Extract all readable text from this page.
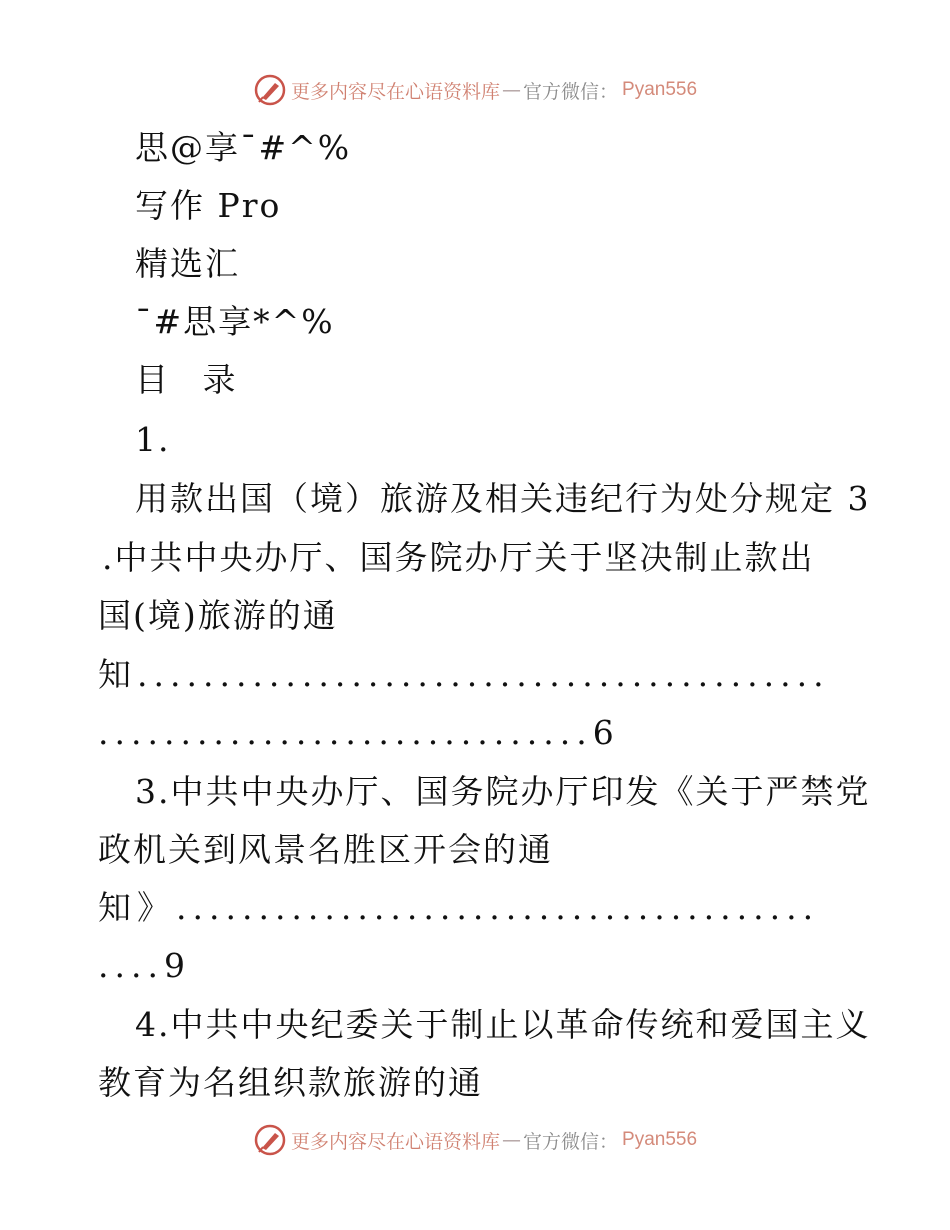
更多内容尽在心语资料库 — 官方微信 ： Pyan556
思@享¯#^%
写作 Pro
精选汇
¯#思享*^%
目 录
1.
用款出国（境）旅游及相关违纪行为处分规定 3
.中共中央办厅、国务院办厅关于坚决制止款出
国(境)旅游的通
知..........................................
..............................6
3.中共中央办厅、国务院办厅印发《关于严禁党
政机关到风景名胜区开会的通
知》.......................................
....9
4.中共中央纪委关于制止以革命传统和爱国主义
教育为名组织款旅游的通
更多内容尽在心语资料库 — 官方微信 ： Pyan556
